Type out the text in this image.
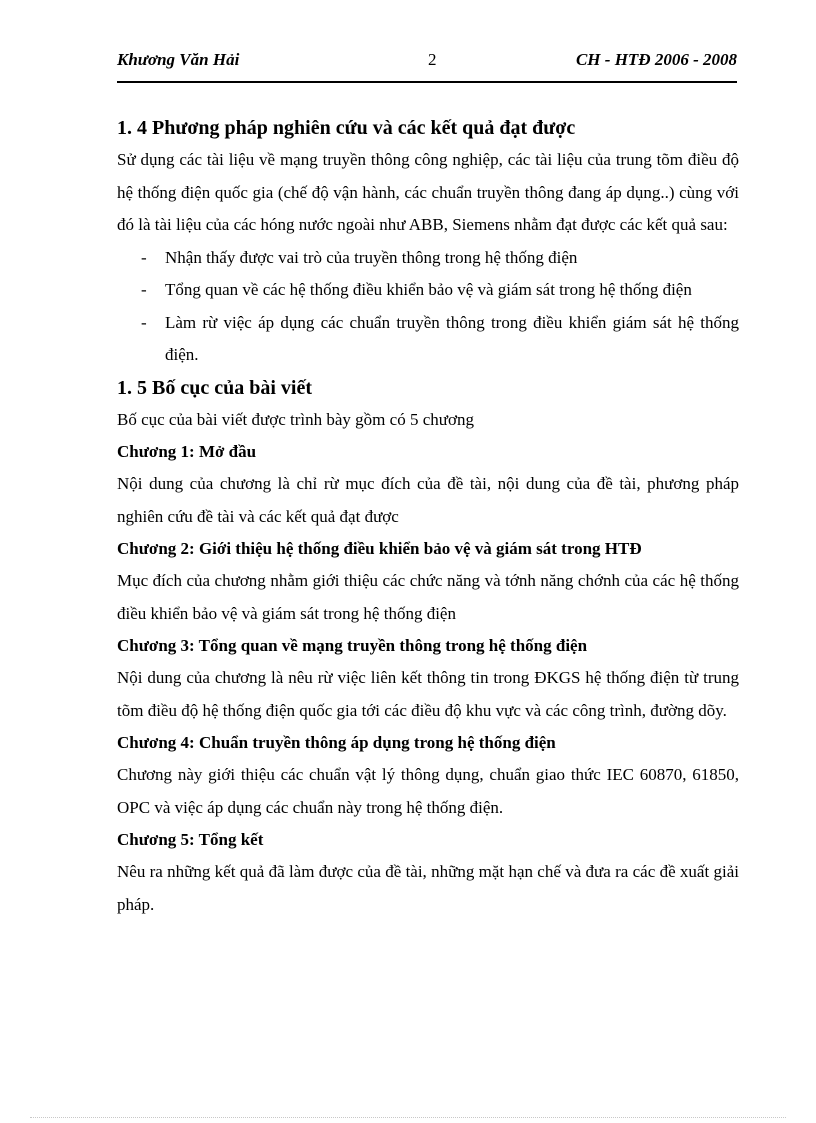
Khương Văn Hải	2	CH - HTĐ 2006 - 2008
1. 4 Phương pháp nghiên cứu và các kết quả đạt được
Sử dụng các tài liệu về mạng truyền thông công nghiệp, các tài liệu của trung tõm điều độ hệ thống điện quốc gia (chế độ vận hành, các chuẩn truyền thông đang áp dụng..) cùng với đó là tài liệu của các hóng nước ngoài như ABB, Siemens nhằm đạt được các kết quả sau:
- Nhận thấy được vai trò của truyền thông trong hệ thống điện
- Tổng quan về các hệ thống điều khiển bảo vệ và giám sát trong hệ thống điện
- Làm rừ việc áp dụng các chuẩn truyền thông trong điều khiển giám sát hệ thống điện.
1. 5 Bố cục của bài viết
Bố cục của bài viết được trình bày gồm có 5 chương
Chương 1: Mở đầu
Nội dung của chương là chỉ rừ mục đích của đề tài, nội dung của đề tài, phương pháp nghiên cứu đề tài và các kết quả đạt được
Chương 2: Giới thiệu hệ thống điều khiển bảo vệ và giám sát trong HTĐ
Mục đích của chương nhằm giới thiệu các chức năng và tớnh năng chớnh của các hệ thống điều khiển bảo vệ và giám sát trong hệ thống điện
Chương 3: Tổng quan về mạng truyền thông trong hệ thống điện
Nội dung của chương là nêu rừ việc liên kết thông tin trong ĐKGS hệ thống điện từ trung tõm điều độ hệ thống điện quốc gia tới các điều độ khu vực và các công trình, đường dõy.
Chương 4: Chuẩn truyền thông áp dụng trong hệ thống điện
Chương này giới thiệu các chuẩn vật lý thông dụng, chuẩn giao thức IEC 60870, 61850, OPC và việc áp dụng các chuẩn này trong hệ thống điện.
Chương 5: Tổng kết
Nêu ra những kết quả đã làm được của đề tài, những mặt hạn chế và đưa ra các đề xuất giải pháp.
